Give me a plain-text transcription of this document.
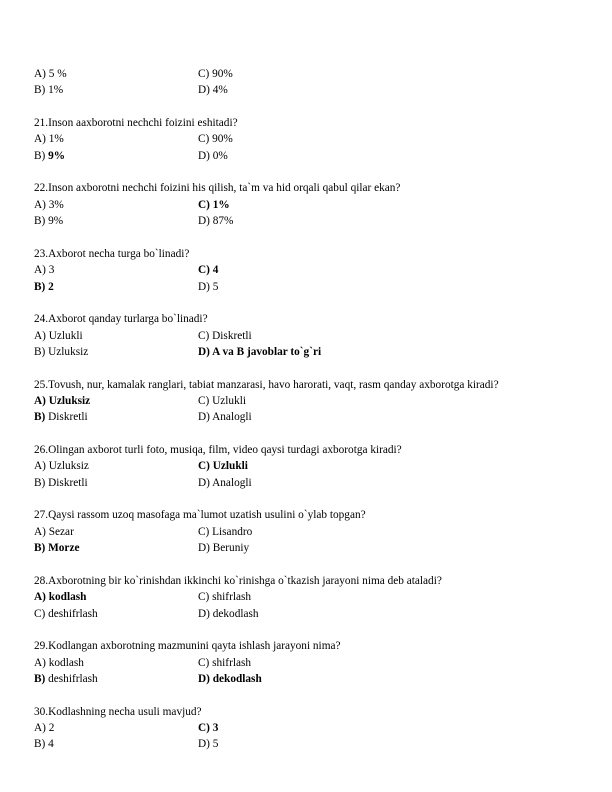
A) 5 %	C) 90%
B) 1%	D) 4%
21.Inson aaxborotni nechchi foizini eshitadi?
A) 1%	C) 90%
B) 9%	D) 0%
22.Inson axborotni nechchi foizini his qilish, ta`m va hid orqali qabul qilar ekan?
A) 3%	C) 1%
B) 9%	D) 87%
23.Axborot necha turga bo`linadi?
A) 3	C) 4
B) 2	D) 5
24.Axborot qanday turlarga bo`linadi?
A) Uzlukli	C) Diskretli
B) Uzluksiz	D) A va B javoblar to`g`ri
25.Tovush, nur, kamalak ranglari, tabiat manzarasi, havo harorati, vaqt, rasm qanday axborotga kiradi?
A) Uzluksiz	C) Uzlukli
B) Diskretli	D) Analogli
26.Olingan axborot turli foto, musiqa, film, video qaysi turdagi axborotga kiradi?
A) Uzluksiz	C) Uzlukli
B) Diskretli	D) Analogli
27.Qaysi rassom uzoq masofaga ma`lumot uzatish usulini o`ylab topgan?
A) Sezar	C) Lisandro
B) Morze	D) Beruniy
28.Axborotning bir ko`rinishdan ikkinchi ko`rinishga o`tkazish jarayoni nima deb ataladi?
A) kodlash	C) shifrlash
C) deshifrlash	D) dekodlash
29.Kodlangan axborotning mazmunini qayta ishlash jarayoni nima?
A) kodlash	C) shifrlash
B) deshifrlash	D) dekodlash
30.Kodlashning necha usuli mavjud?
A) 2	C) 3
B) 4	D) 5
